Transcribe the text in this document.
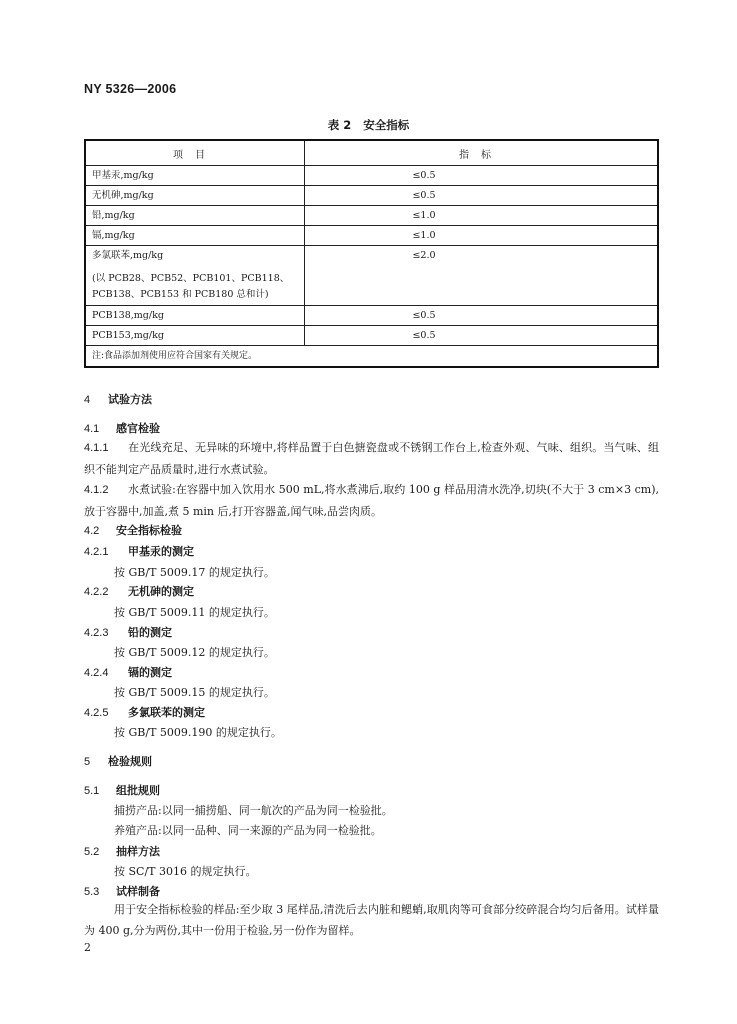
NY 5326—2006
表 2 安全指标
项目	指标
甲基汞,mg/kg	≤0.5
无机砷,mg/kg	≤0.5
铅,mg/kg	≤1.0
镉,mg/kg	≤1.0

多氯联苯,mg/kg
(以 PCB28、PCB52、PCB101、PCB118、
PCB138、PCB153 和 PCB180 总和计)	≤2.0
PCB138,mg/kg	≤0.5
PCB153,mg/kg	≤0.5
注:食品添加剂使用应符合国家有关规定。	
4 试验方法
4.1 感官检验
4.1.1 在光线充足、无异味的环境中,将样品置于白色搪瓷盘或不锈钢工作台上,检查外观、气味、组织。当气味、组织不能判定产品质量时,进行水煮试验。
4.1.2 水煮试验:在容器中加入饮用水 500 mL,将水煮沸后,取约 100 g 样品用清水洗净,切块(不大于 3 cm×3 cm),放于容器中,加盖,煮 5 min 后,打开容器盖,闻气味,品尝肉质。
4.2 安全指标检验
4.2.1 甲基汞的测定
按 GB/T 5009.17 的规定执行。
4.2.2 无机砷的测定
按 GB/T 5009.11 的规定执行。
4.2.3 铅的测定
按 GB/T 5009.12 的规定执行。
4.2.4 镉的测定
按 GB/T 5009.15 的规定执行。
4.2.5 多氯联苯的测定
按 GB/T 5009.190 的规定执行。
5 检验规则
5.1 组批规则
捕捞产品:以同一捕捞船、同一航次的产品为同一检验批。
养殖产品:以同一品种、同一来源的产品为同一检验批。
5.2 抽样方法
按 SC/T 3016 的规定执行。
5.3 试样制备
用于安全指标检验的样品:至少取 3 尾样品,清洗后去内脏和鳃蛸,取肌肉等可食部分绞碎混合均匀后备用。试样量为 400 g,分为两份,其中一份用于检验,另一份作为留样。
2
